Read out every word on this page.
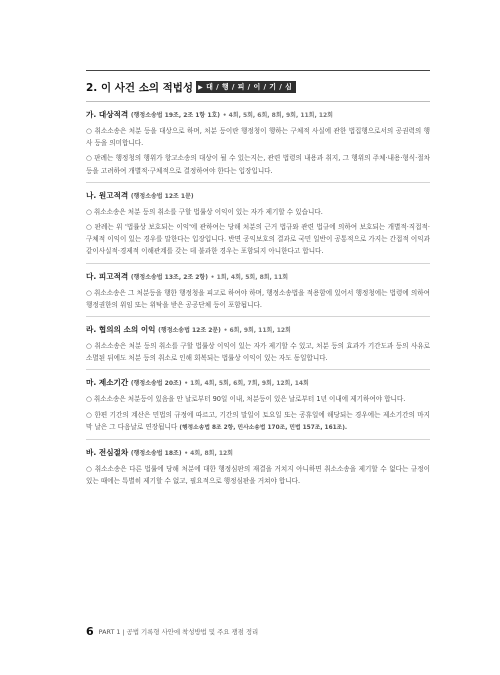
2. 이 사건 소의 적법성 ▶ 대 / 행 / 피 / 이 / 기 / 심
가. 대상적격 (행정소송법 19조, 2조 1항 1호) • 4회, 5회, 6회, 8회, 9회, 11회, 12회
○ 취소소송은 처분 등을 대상으로 하며, 처분 등이란 행정청이 행하는 구체적 사실에 관한 법집행으로서의 공권력의 행사 등을 의미합니다.
○ 판례는 행정청의 행위가 항고소송의 대상이 될 수 있는지는, 관련 법령의 내용과 취지, 그 행위의 주체·내용·형식·절차 등을 고려하여 개별적·구체적으로 결정하여야 한다는 입장입니다.
나. 원고적격 (행정소송법 12조 1문)
○ 취소소송은 처분 등의 취소를 구할 법률상 이익이 있는 자가 제기할 수 있습니다.
○ 판례는 위 '법률상 보호되는 이익'에 관하여는 당해 처분의 근거 법규와 관련 법규에 의하여 보호되는 개별적·직접적·구체적 이익이 있는 경우를 말한다는 입장입니다. 반면 공익보호의 결과로 국민 일반이 공통적으로 가지는 간접적 이익과 같이사실적·경제적 이해관계를 갖는 데 불과한 경우는 포함되지 아니한다고 합니다.
다. 피고적격 (행정소송법 13조, 2조 2항) • 1회, 4회, 5회, 8회, 11회
○ 취소소송은 그 처분등을 행한 행정청을 피고로 하여야 하며, 행정소송법을 적용함에 있어서 행정청에는 법령에 의하여 행정권한의 위임 또는 위탁을 받은 공공단체 등이 포함됩니다.
라. 협의의 소의 이익 (행정소송법 12조 2문) • 6회, 9회, 11회, 12회
○ 취소소송은 처분 등의 취소를 구할 법률상 이익이 있는 자가 제기할 수 있고, 처분 등의 효과가 기간도과 등의 사유로 소멸된 뒤에도 처분 등의 취소로 인해 회복되는 법률상 이익이 있는 자도 동일합니다.
마. 제소기간 (행정소송법 20조) • 1회, 4회, 5회, 6회, 7회, 9회, 12회, 14회
○ 취소소송은 처분등이 있음을 안 날로부터 90일 이내, 처분등이 있은 날로부터 1년 이내에 제기하여야 합니다.
○ 한편 기간의 계산은 민법의 규정에 따르고, 기간의 말일이 토요일 또는 공휴일에 해당되는 경우에는 제소기간의 마지막 날은 그 다음날로 연장됩니다 (행정소송법 8조 2항, 민사소송법 170조, 민법 157조, 161조).
바. 전심절차 (행정소송법 18조) • 4회, 8회, 12회
○ 취소소송은 다른 법률에 당해 처분에 대한 행정심판의 재결을 거치지 아니하면 취소소송을 제기할 수 없다는 규정이 있는 때에는 특별히 제기할 수 없고, 필요적으로 행정심판을 거쳐야 합니다.
6 PART 1 | 공법 기록형 사안에 착성방법 및 주요 쟁점 정리
